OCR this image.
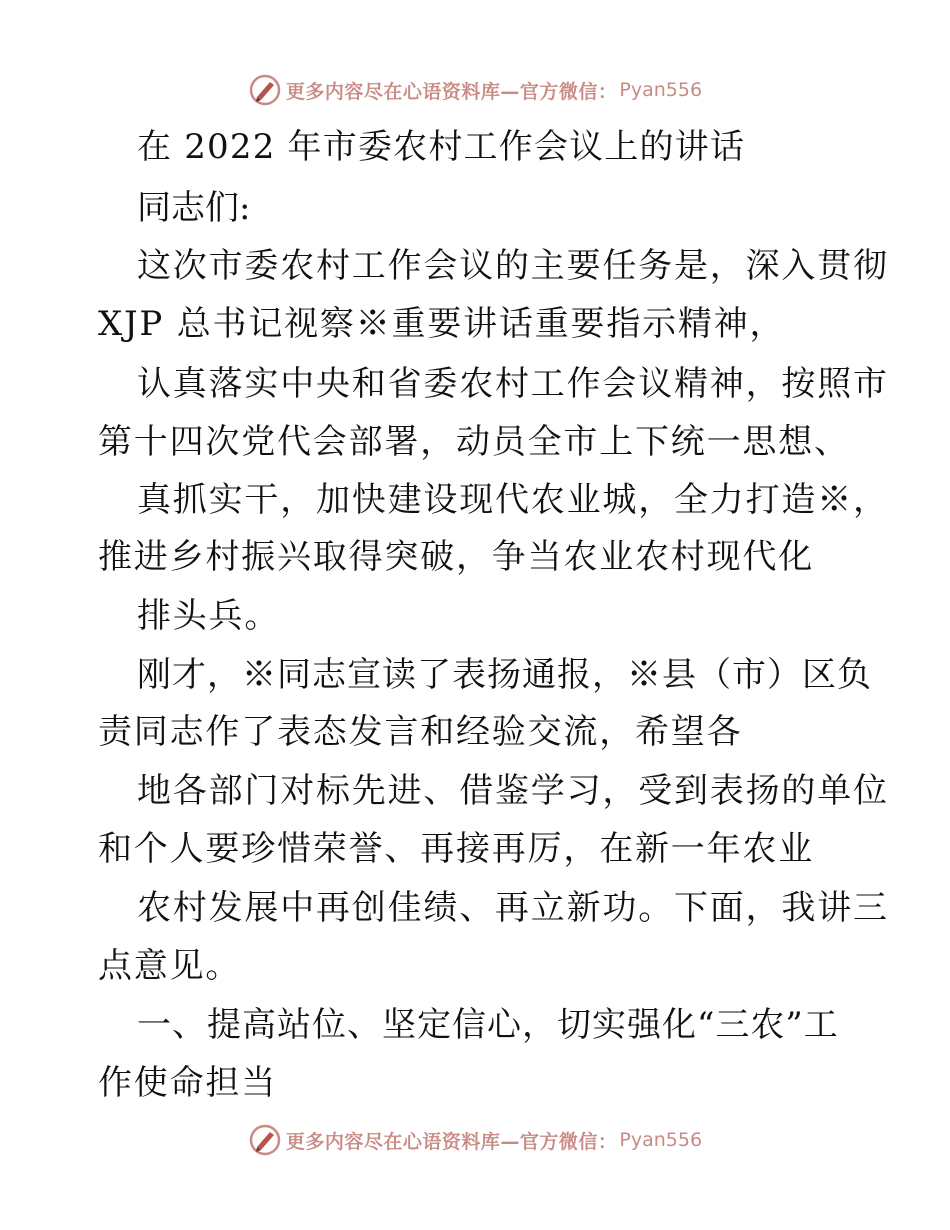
更多内容尽在心语资料库—官方微信： Pyan556
在 2022 年市委农村工作会议上的讲话
同志们:
这次市委农村工作会议的主要任务是，深入贯彻
XJP 总书记视察※重要讲话重要指示精神，
认真落实中央和省委农村工作会议精神，按照市
第十四次党代会部署，动员全市上下统一思想、
真抓实干，加快建设现代农业城，全力打造※，
推进乡村振兴取得突破，争当农业农村现代化
排头兵。
刚才，※同志宣读了表扬通报，※县（市）区负
责同志作了表态发言和经验交流，希望各
地各部门对标先进、借鉴学习，受到表扬的单位
和个人要珍惜荣誉、再接再厉，在新一年农业
农村发展中再创佳绩、再立新功。下面，我讲三
点意见。
一、提高站位、坚定信心，切实强化“三农”工
作使命担当
更多内容尽在心语资料库—官方微信： Pyan556
